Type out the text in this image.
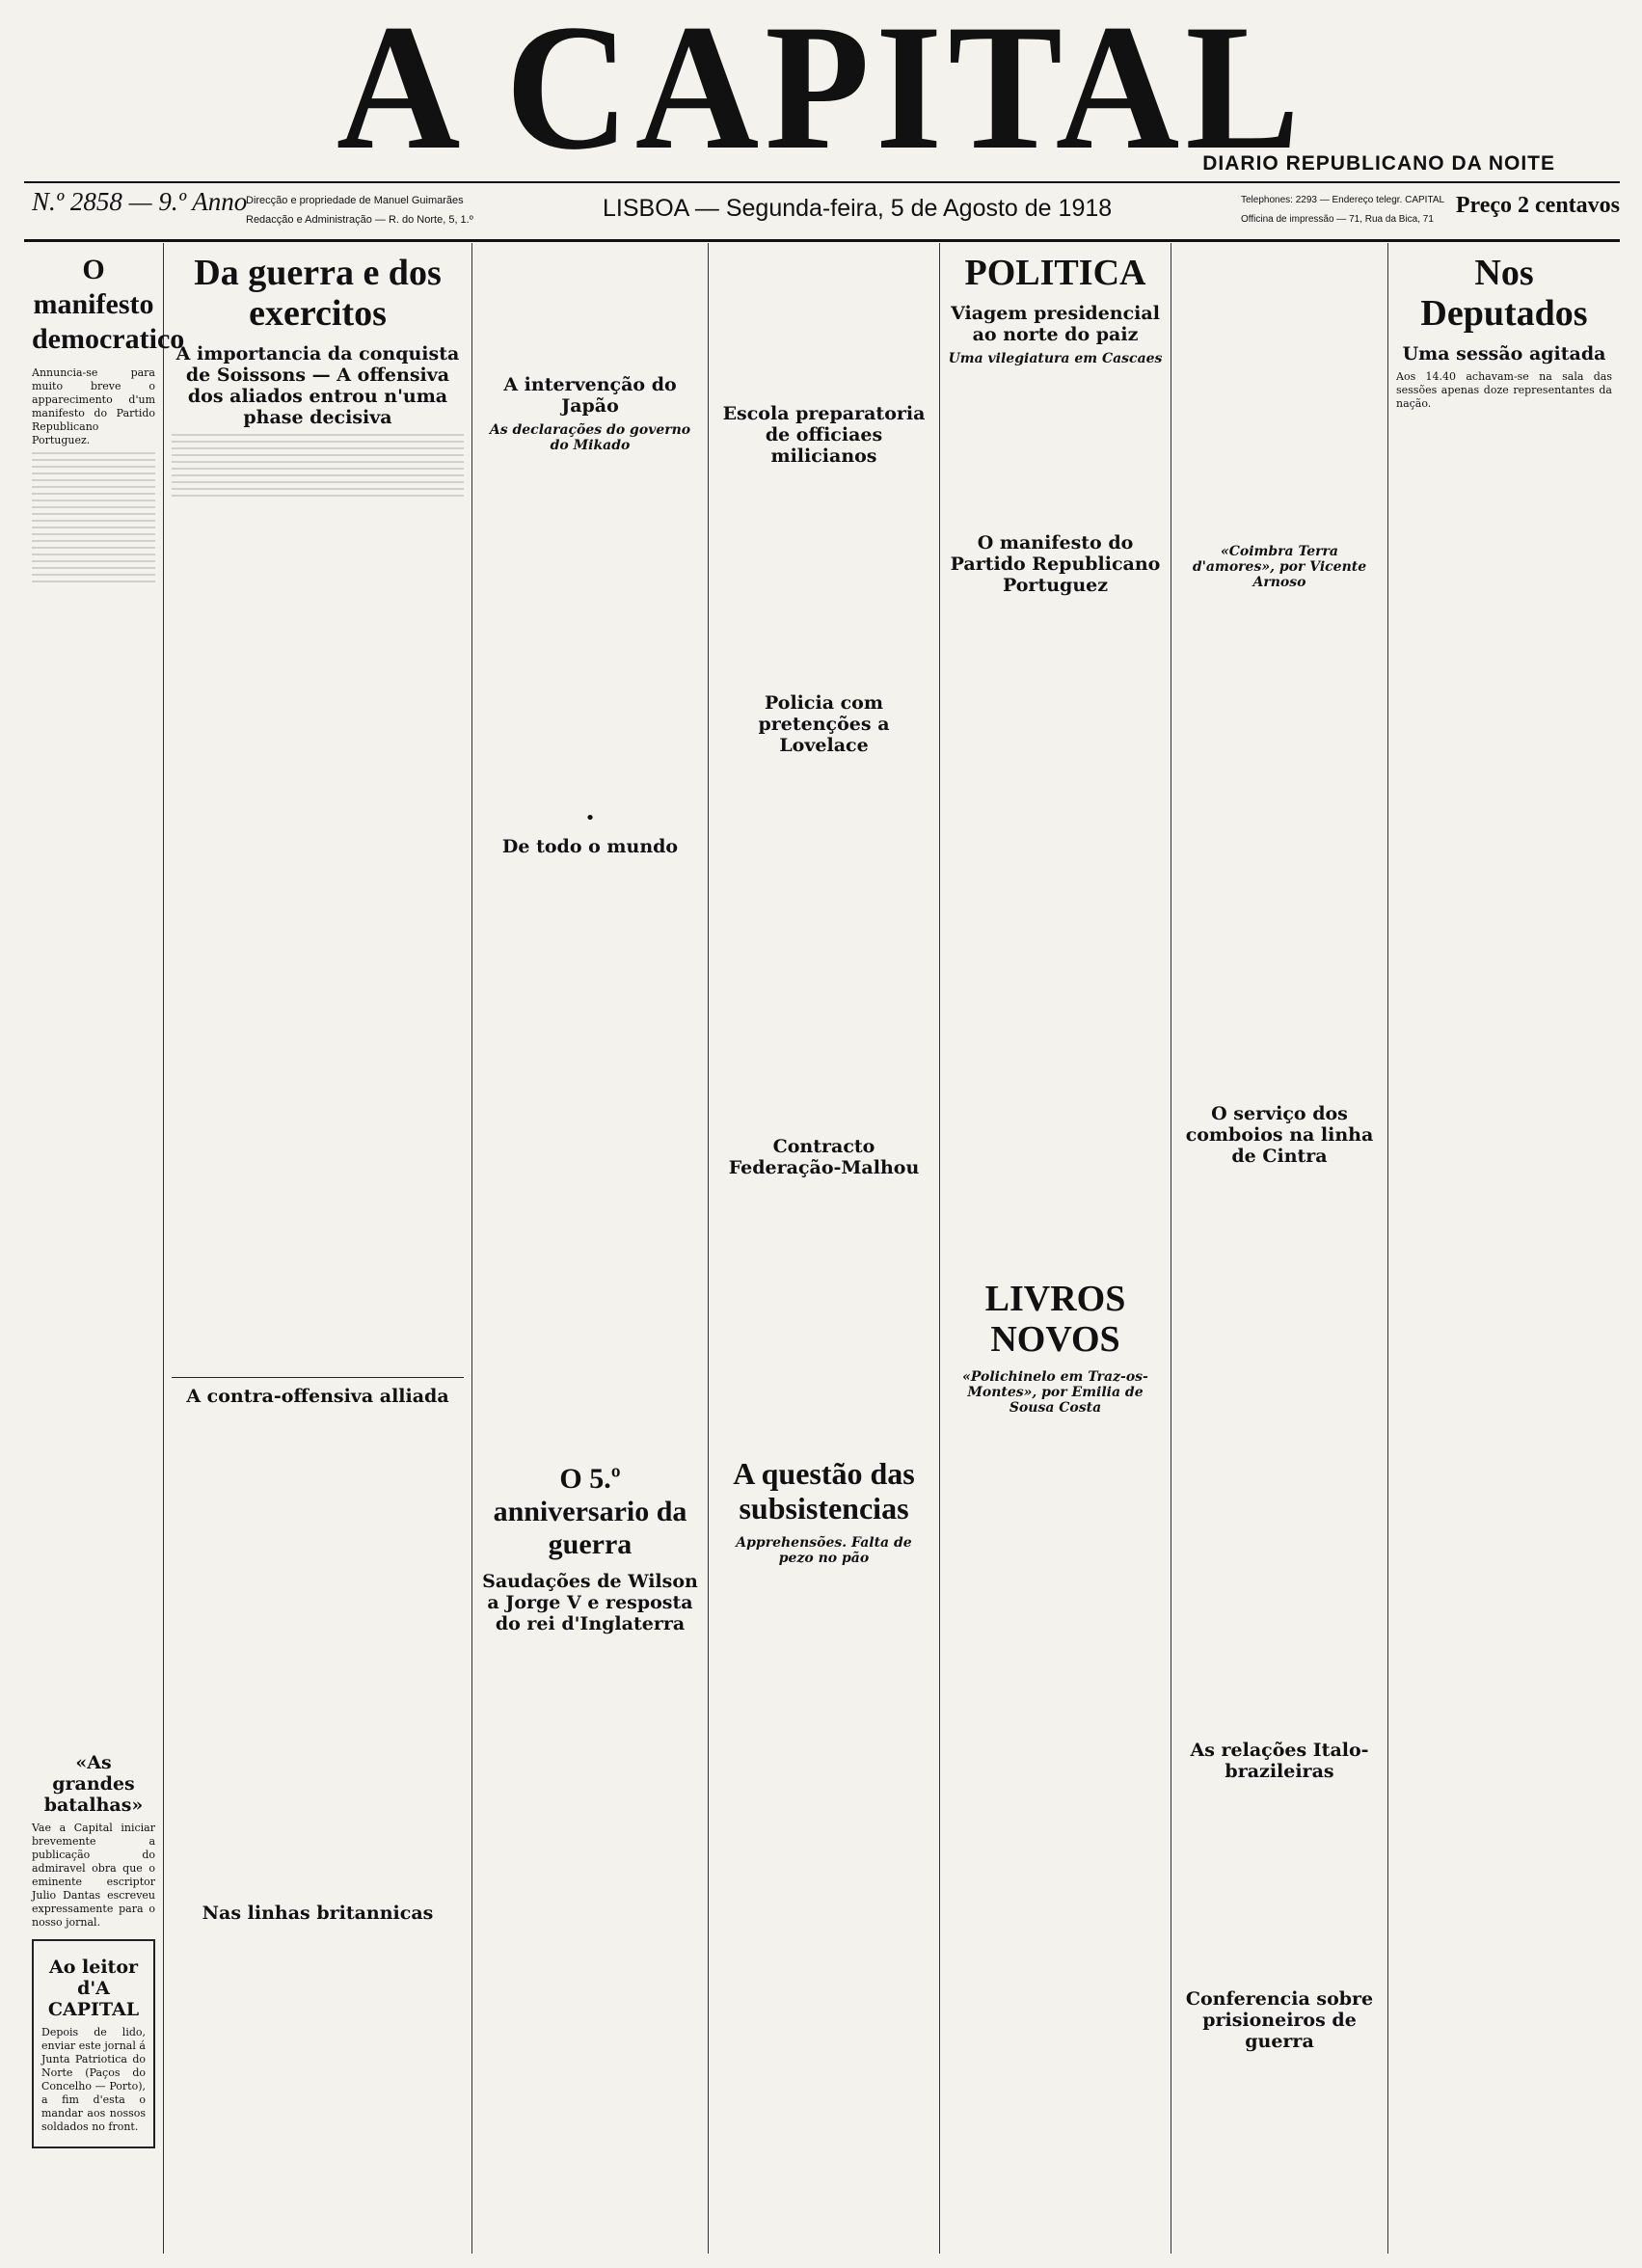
A CAPITAL
DIARIO REPUBLICANO DA NOITE
N.º 2858 — 9.º Anno
Direcção e propriedade de Manuel Guimarães
Redacção e Administração — R. do Norte, 5, 1.º	LISBOA — Segunda-feira, 5 de Agosto de 1918	Telephones: 2293 — Endereço telegr. CAPITAL
Officina de impressão — 71, Rua da Bica, 71
Preço 2 centavos
O manifesto democratico

Annuncia-se para muito breve o apparecimento d'um manifesto do Partido Republicano Portuguez.

«As grandes batalhas»

Vae a Capital iniciar brevemente a publicação do admiravel obra que o eminente escriptor Julio Dantas escreveu expressamente para o nosso jornal.

Ao leitor d'A CAPITAL

Depois de lido, enviar este jornal á Junta Patriotica do Norte (Paços do Concelho — Porto), a fim d'esta o mandar aos nossos soldados no front.

Da guerra e dos exercitos
A importancia da conquista de Soissons — A offensiva dos aliados entrou n'uma phase decisiva
A contra-offensiva alliada
Nas linhas britannicas
A intervenção do Japão
As declarações do governo do Mikado
•
De todo o mundo
O 5.º anniversario da guerra
Saudações de Wilson a Jorge V e resposta do rei d'Inglaterra
Escola preparatoria de officiaes milicianos
Policia com pretenções a Lovelace
Contracto Federação-Malhou
A questão das subsistencias
Apprehensões. Falta de pezo no pão
POLITICA
Viagem presidencial ao norte do paiz
Uma vilegiatura em Cascaes
O manifesto do Partido Republicano Portuguez
LIVROS NOVOS
«Polichinelo em Traz-os-Montes», por Emilia de Sousa Costa
«Coimbra Terra d'amores», por Vicente Arnoso
O serviço dos comboios na linha de Cintra
As relações Italo-brazileiras
Conferencia sobre prisioneiros de guerra
Nos Deputados
Uma sessão agitada

Aos 14.40 achavam-se na sala das sessões apenas doze representantes da nação.
